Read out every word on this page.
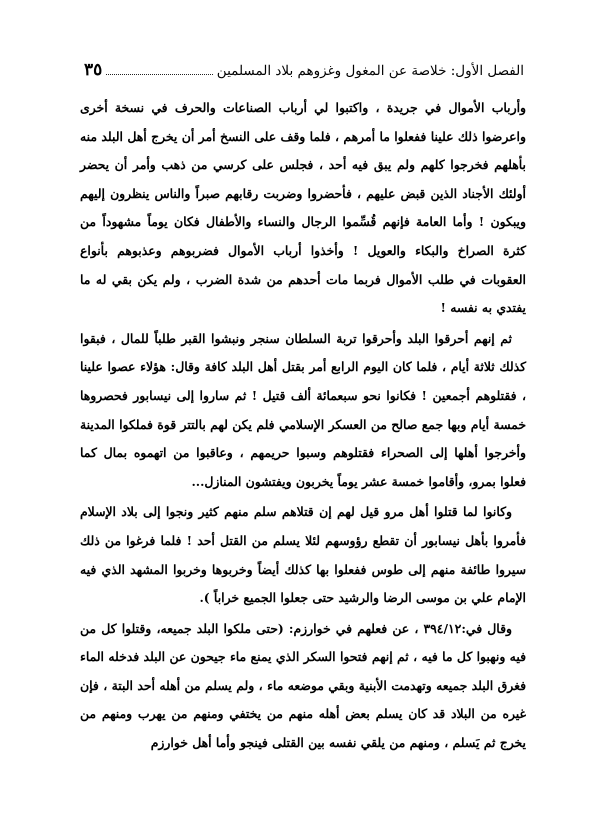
الفصل الأول: خلاصة عن المغول وغزوهم بلاد المسلمين
٣٥

وأرباب الأموال في جريدة ، واكتبوا لي أرباب الصناعات والحرف في نسخة أخرى واعرضوا ذلك علينا ففعلوا ما أمرهم ، فلما وقف على النسخ أمر أن يخرج أهل البلد منه بأهلهم فخرجوا كلهم ولم يبق فيه أحد ، فجلس على كرسي من ذهب وأمر أن يحضر أولئك الأجناد الذين قبض عليهم ، فأحضروا وضربت رقابهم صبراً والناس ينظرون إليهم ويبكون ! وأما العامة فإنهم قُسِّموا الرجال والنساء والأطفال فكان يوماً مشهوداً من كثرة الصراخ والبكاء والعويل ! وأخذوا أرباب الأموال فضربوهم وعذبوهم بأنواع العقوبات في طلب الأموال فربما مات أحدهم من شدة الضرب ، ولم يكن بقي له ما يفتدي به نفسه !

ثم إنهم أحرقوا البلد وأحرقوا تربة السلطان سنجر ونبشوا القبر طلباً للمال ، فبقوا كذلك ثلاثة أيام ، فلما كان اليوم الرابع أمر بقتل أهل البلد كافة وقال: هؤلاء عصوا علينا ، فقتلوهم أجمعين ! فكانوا نحو سبعمائة ألف قتيل ! ثم ساروا إلى نيسابور فحصروها خمسة أيام وبها جمع صالح من العسكر الإسلامي فلم يكن لهم بالتتر قوة فملكوا المدينة وأخرجوا أهلها إلى الصحراء فقتلوهم وسبوا حريمهم ، وعاقبوا من اتهموه بمال كما فعلوا بمرو، وأقاموا خمسة عشر يوماً يخربون ويفتشون المنازل...

وكانوا لما قتلوا أهل مرو قيل لهم إن قتلاهم سلم منهم كثير ونجوا إلى بلاد الإسلام فأمروا بأهل نيسابور أن تقطع رؤوسهم لئلا يسلم من القتل أحد ! فلما فرغوا من ذلك سيروا طائفة منهم إلى طوس ففعلوا بها كذلك أيضاً وخربوها وخربوا المشهد الذي فيه الإمام علي بن موسى الرضا والرشيد حتى جعلوا الجميع خراباً ).

وقال في:٣٩٤/١٢ ، عن فعلهم في خوارزم: (حتى ملكوا البلد جميعه، وقتلوا كل من فيه ونهبوا كل ما فيه ، ثم إنهم فتحوا السكر الذي يمنع ماء جيحون عن البلد فدخله الماء فغرق البلد جميعه وتهدمت الأبنية وبقي موضعه ماء ، ولم يسلم من أهله أحد البتة ، فإن غيره من البلاد قد كان يسلم بعض أهله منهم من يختفي ومنهم من يهرب ومنهم من يخرج ثم يَسلم ، ومنهم من يلقي نفسه بين القتلى فينجو وأما أهل خوارزم
